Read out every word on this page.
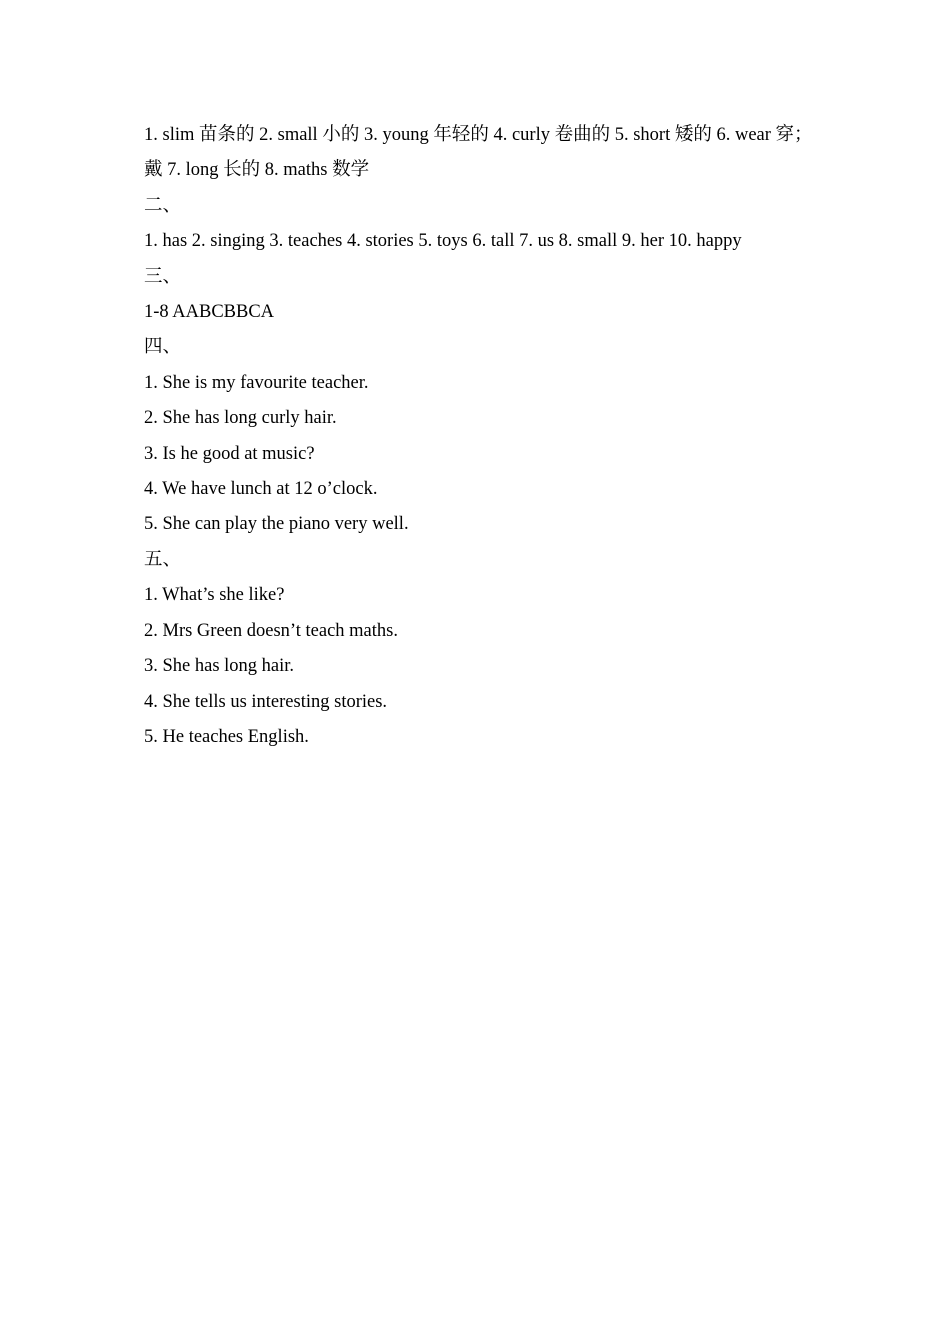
1. slim 苗条的 2. small 小的 3. young 年轻的 4. curly 卷曲的 5. short 矮的 6. wear 穿；戴 7. long 长的 8. maths 数学

二、

1. has 2. singing 3. teaches 4. stories 5. toys 6. tall 7. us 8. small 9. her 10. happy

三、

1-8 AABCBBCA

四、

1. She is my favourite teacher.

2. She has long curly hair.

3. Is he good at music?

4. We have lunch at 12 o’clock.

5. She can play the piano very well.

五、

1. What’s she like?

2. Mrs Green doesn’t teach maths.

3. She has long hair.

4. She tells us interesting stories.

5. He teaches English.
